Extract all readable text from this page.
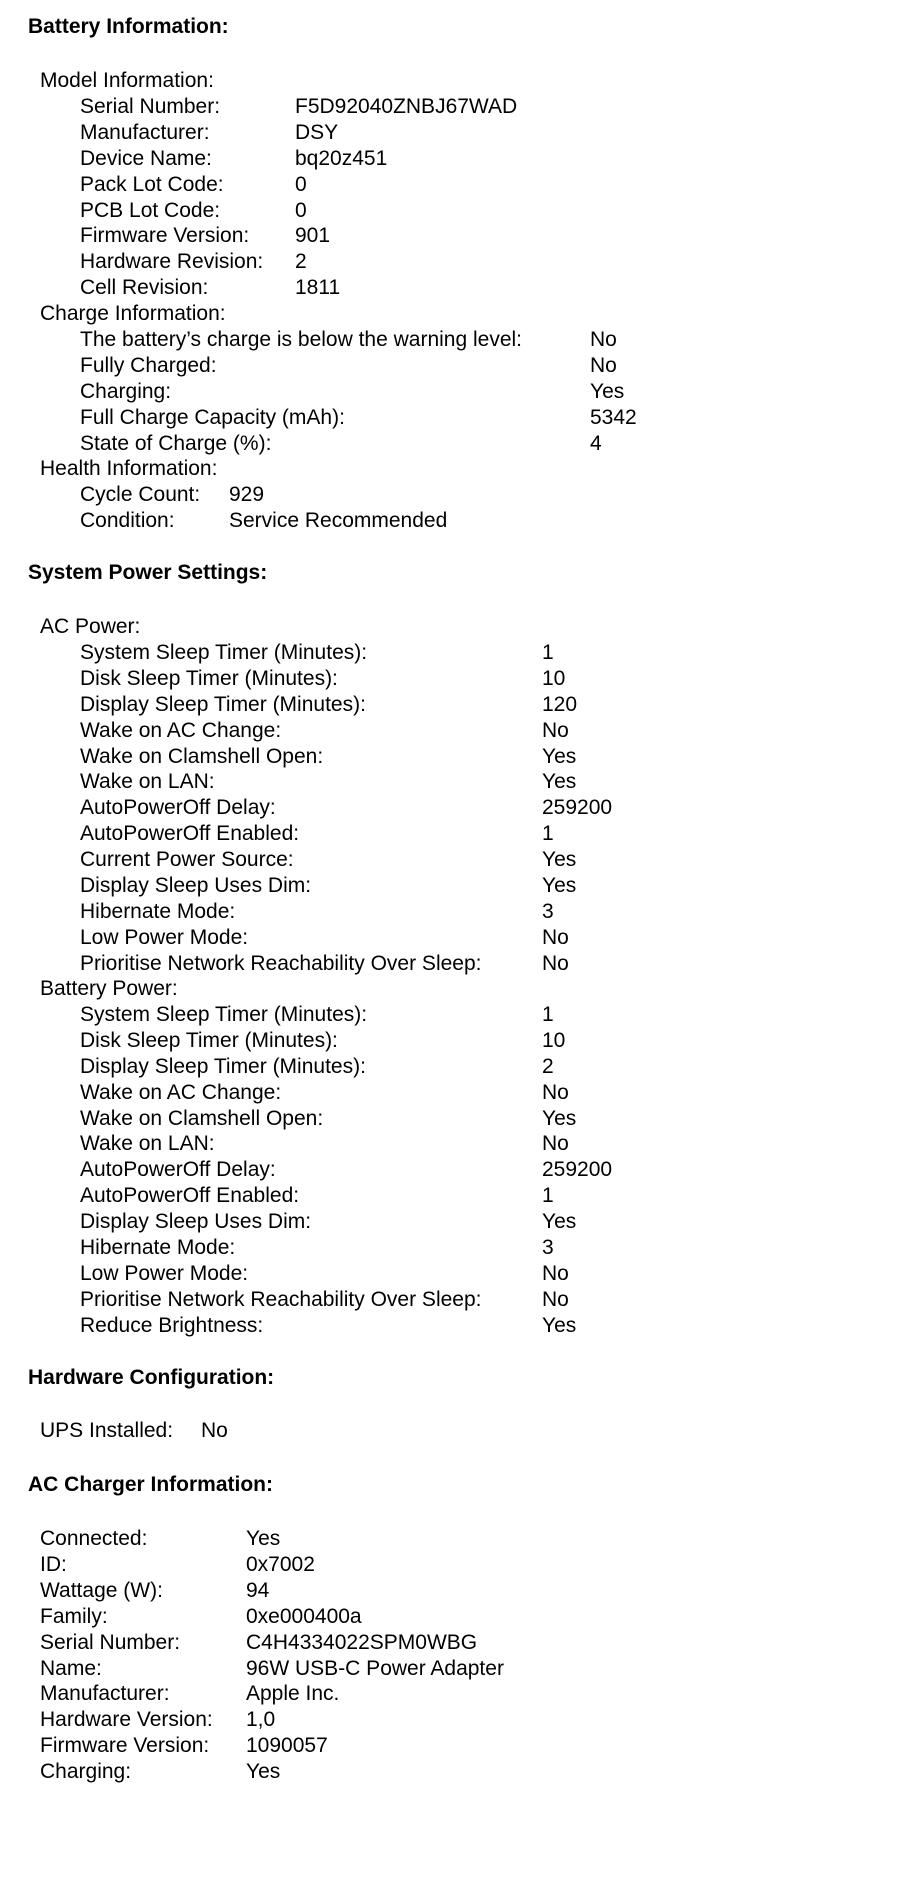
Battery Information:
Model Information:
Serial Number:	F5D92040ZNBJ67WAD
Manufacturer:	DSY
Device Name:	bq20z451
Pack Lot Code:	0
PCB Lot Code:	0
Firmware Version: 901
Hardware Revision: 2
Cell Revision:	1811
Charge Information:
The battery’s charge is below the warning level:	No
Fully Charged:	No
Charging:	Yes
Full Charge Capacity (mAh):	5342
State of Charge (%):	4
Health Information:
Cycle Count: 929
Condition:	Service Recommended
System Power Settings:
AC Power:
System Sleep Timer (Minutes):	1
Disk Sleep Timer (Minutes):	10
Display Sleep Timer (Minutes):	120
Wake on AC Change:	No
Wake on Clamshell Open:	Yes
Wake on LAN:	Yes
AutoPowerOff Delay:	259200
AutoPowerOff Enabled:	1
Current Power Source:	Yes
Display Sleep Uses Dim:	Yes
Hibernate Mode:	3
Low Power Mode:	No
Prioritise Network Reachability Over Sleep:	No
Battery Power:
System Sleep Timer (Minutes):	1
Disk Sleep Timer (Minutes):	10
Display Sleep Timer (Minutes):	2
Wake on AC Change:	No
Wake on Clamshell Open:	Yes
Wake on LAN:	No
AutoPowerOff Delay:	259200
AutoPowerOff Enabled:	1
Display Sleep Uses Dim:	Yes
Hibernate Mode:	3
Low Power Mode:	No
Prioritise Network Reachability Over Sleep:	No
Reduce Brightness:	Yes
Hardware Configuration:
UPS Installed: No
AC Charger Information:
Connected:	Yes
ID:	0x7002
Wattage (W):	94
Family:	0xe000400a
Serial Number:	C4H4334022SPM0WBG
Name:	96W USB-C Power Adapter
Manufacturer:	Apple Inc.
Hardware Version: 1,0
Firmware Version: 1090057
Charging:	Yes
